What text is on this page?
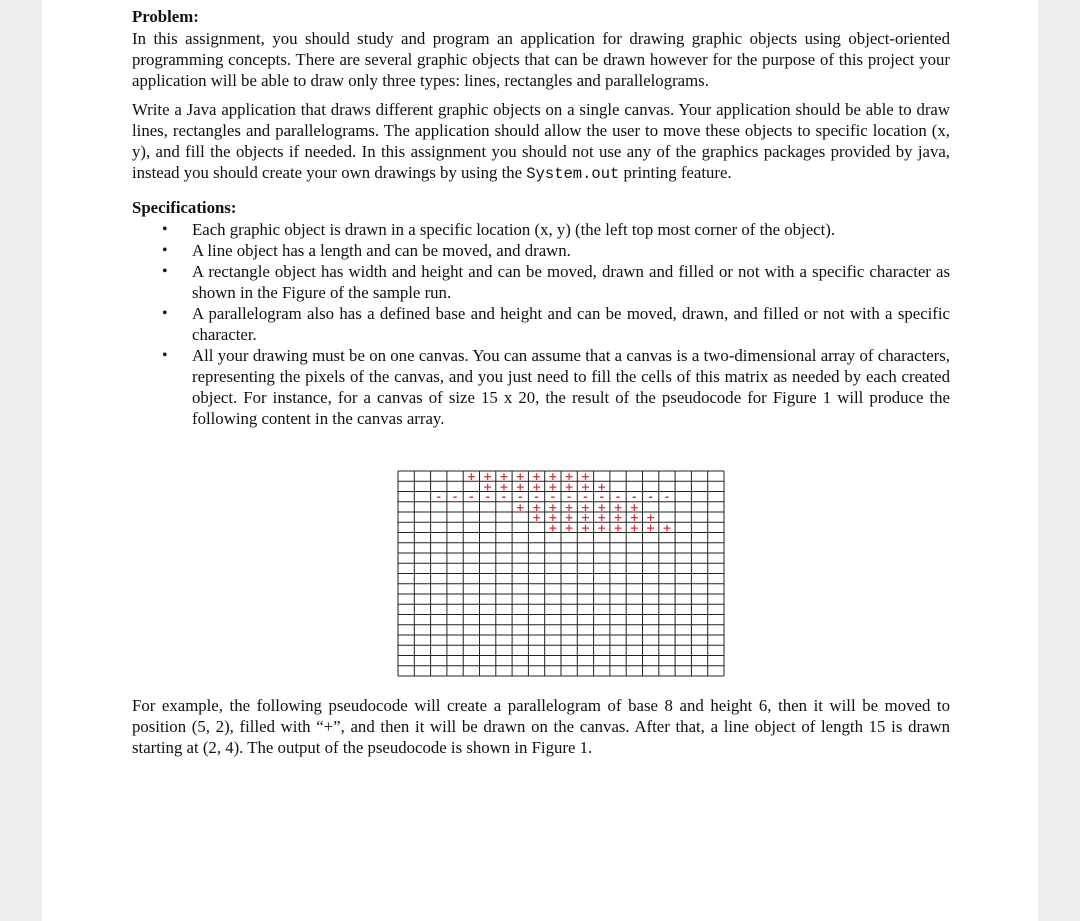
Problem:

In this assignment, you should study and program an application for drawing graphic objects using object-oriented programming concepts. There are several graphic objects that can be drawn however for the purpose of this project your application will be able to draw only three types: lines, rectangles and parallelograms.

Write a Java application that draws different graphic objects on a single canvas. Your application should be able to draw lines, rectangles and parallelograms. The application should allow the user to move these objects to specific location (x, y), and fill the objects if needed. In this assignment you should not use any of the graphics packages provided by java, instead you should create your own drawings by using the System.out printing feature.

Specifications:
• Each graphic object is drawn in a specific location (x, y) (the left top most corner of the object).
• A line object has a length and can be moved, and drawn.
• A rectangle object has width and height and can be moved, drawn and filled or not with a specific character as shown in the Figure of the sample run.
• A parallelogram also has a defined base and height and can be moved, drawn, and filled or not with a specific character.
• All your drawing must be on one canvas. You can assume that a canvas is a two-dimensional array of characters, representing the pixels of the canvas, and you just need to fill the cells of this matrix as needed by each created object. For instance, for a canvas of size 15 x 20, the result of the pseudocode for Figure 1 will produce the following content in the canvas array.
+ + + + + + + +
+ + + + + + + +
+ + + + + + + +
+ + + + + + + +
+ + + + + + + +
- - - - - - - - - - - - - - -

For example, the following pseudocode will create a parallelogram of base 8 and height 6, then it will be moved to position (5, 2), filled with “+”, and then it will be drawn on the canvas. After that, a line object of length 15 is drawn starting at (2, 4). The output of the pseudocode is shown in Figure 1.
